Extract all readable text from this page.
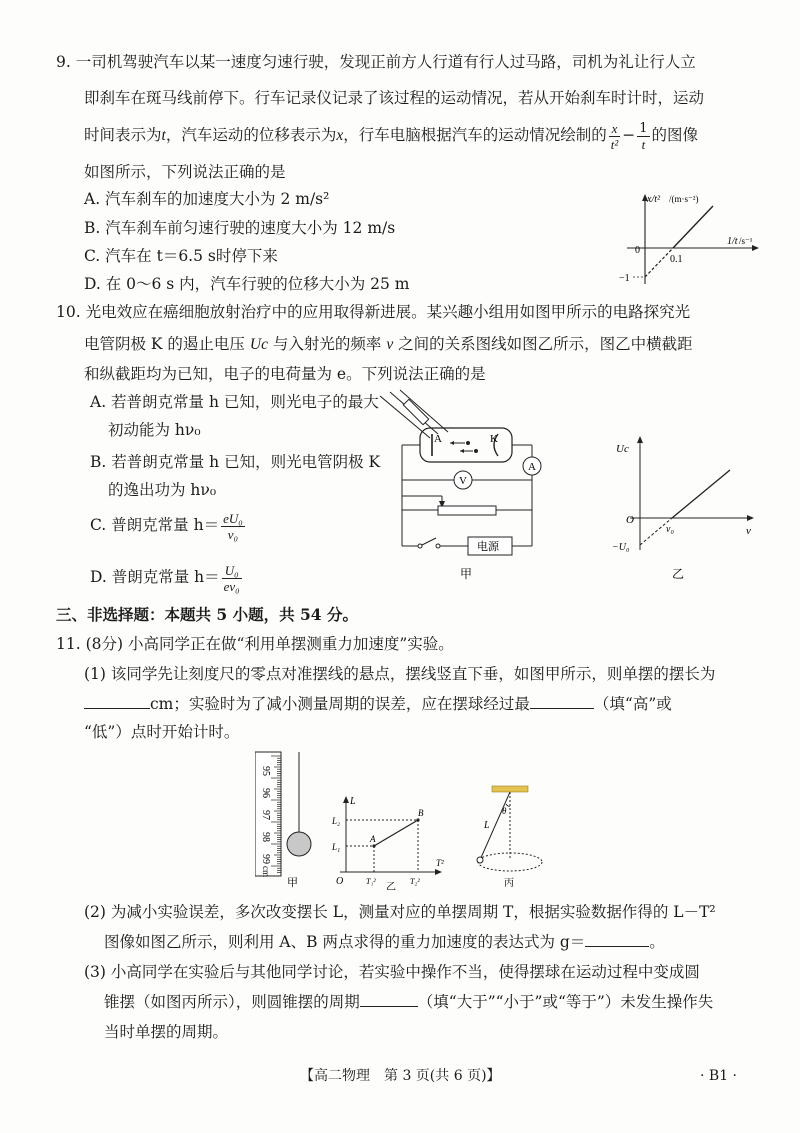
9. 一司机驾驶汽车以某一速度匀速行驶，发现正前方人行道有行人过马路，司机为礼让行人立
即刹车在斑马线前停下。行车记录仪记录了该过程的运动情况，若从开始刹车时计时，运动
时间表示为t，汽车运动的位移表示为x，行车电脑根据汽车的运动情况绘制的 $\frac{x}{\text{t²}} - \frac{1}{t}$ 的图像
如图所示，下列说法正确的是
A. 汽车刹车的加速度大小为 2 m/s²
B. 汽车刹车前匀速行驶的速度大小为 12 m/s
C. 汽车在 t＝6.5 s时停下来
D. 在 0～6 s 内，汽车行驶的位移大小为 25 m
x/t² /(m·s⁻²)
1/t /s⁻¹
0
0.1
−1
10. 光电效应在癌细胞放射治疗中的应用取得新进展。某兴趣小组用如图甲所示的电路探究光
电管阴极 K 的遏止电压 Uc 与入射光的频率 ν 之间的关系图线如图乙所示，图乙中横截距
和纵截距均为已知，电子的电荷量为 e。下列说法正确的是
A. 若普朗克常量 h 已知，则光电子的最大
初动能为 hν₀
B. 若普朗克常量 h 已知，则光电管阴极 K
的逸出功为 hν₀
C. 普朗克常量 $h= \frac{\text{eU₀}}{\text{ν₀}}$
D. 普朗克常量 $h= \frac{\text{U₀}}{\text{eν₀}}$
A	K
A
V
电源
甲
Uc
ν
O
ν₀
−U₀
乙
三、非选择题：本题共 5 小题，共 54 分。
11. (8分) 小高同学正在做“利用单摆测重力加速度”实验。
(1) 该同学先让刻度尺的零点对准摆线的悬点，摆线竖直下垂，如图甲所示，则单摆的摆长为
cm；实验时为了减小测量周期的误差，应在摆球经过最	（填“高”或
“低”）点时开始计时。
95
96
97
98
99
cm
甲
L
T²
O
A
B
L₁
L₂
T₁²	T₂²
乙
L
θ
丙
(2) 为减小实验误差，多次改变摆长 L，测量对应的单摆周期 T，根据实验数据作得的 L－T²
图像如图乙所示，则利用 A、B 两点求得的重力加速度的表达式为 g＝	。
(3) 小高同学在实验后与其他同学讨论，若实验中操作不当，使得摆球在运动过程中变成圆
锥摆（如图丙所示），则圆锥摆的周期	（填“大于”“小于”或“等于”）未发生操作失
当时单摆的周期。
【高二物理　第 3 页(共 6 页)】	· B1 ·
